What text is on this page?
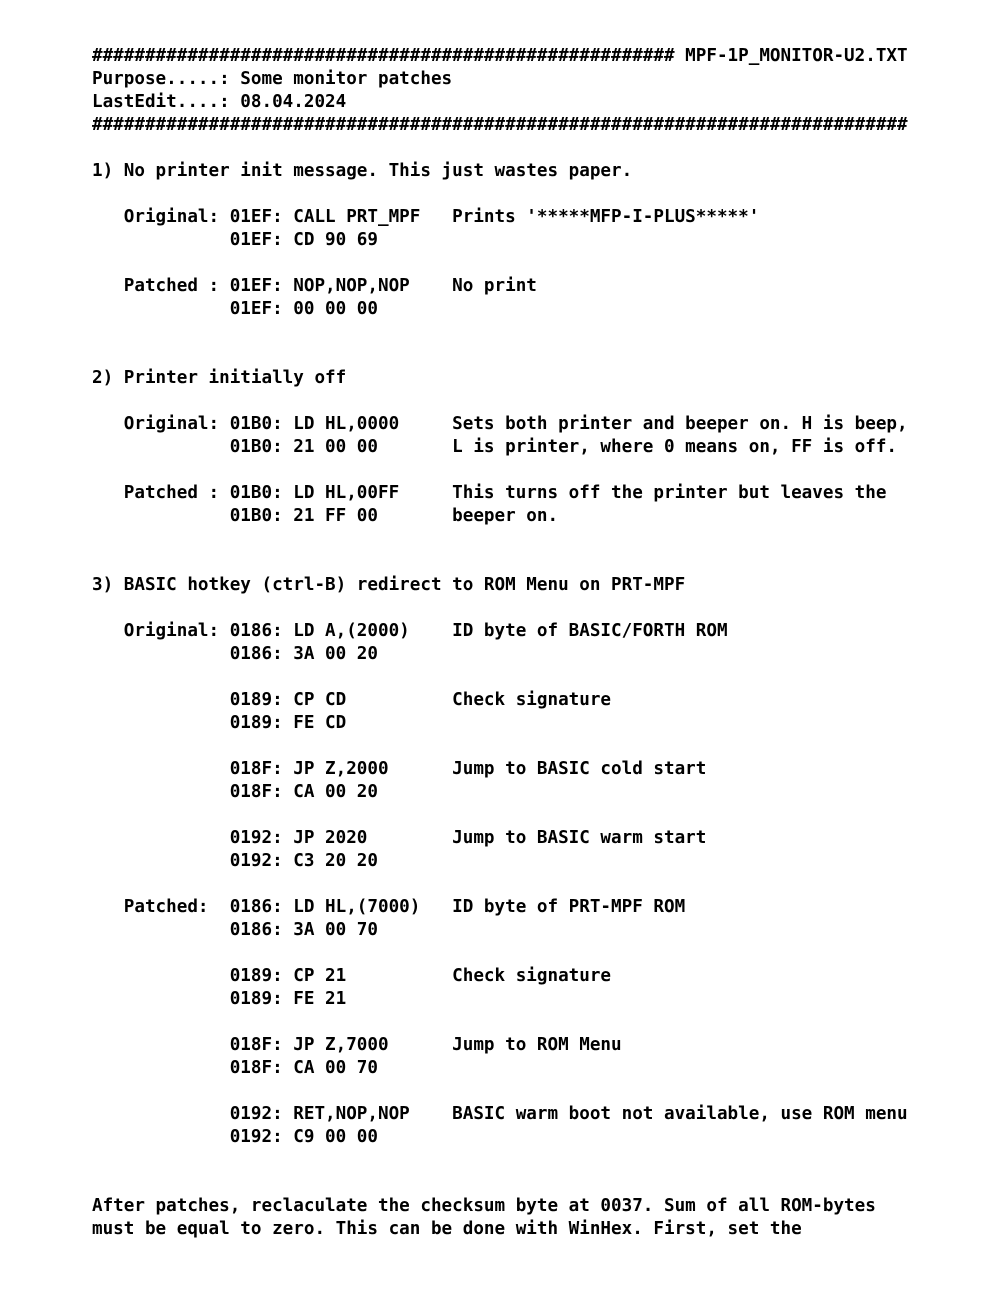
####################################################### MPF-1P_MONITOR-U2.TXT
Purpose.....: Some monitor patches
LastEdit....: 08.04.2024
#############################################################################
1) No printer init message. This just wastes paper.
Original: 01EF: CALL PRT_MPF   Prints '*****MFP-I-PLUS*****'
01EF: CD 90 69
Patched : 01EF: NOP,NOP,NOP    No print
01EF: 00 00 00
2) Printer initially off
Original: 01B0: LD HL,0000     Sets both printer and beeper on. H is beep,
01B0: 21 00 00       L is printer, where 0 means on, FF is off.
Patched : 01B0: LD HL,00FF     This turns off the printer but leaves the
01B0: 21 FF 00       beeper on.
3) BASIC hotkey (ctrl-B) redirect to ROM Menu on PRT-MPF
Original: 0186: LD A,(2000)    ID byte of BASIC/FORTH ROM
0186: 3A 00 20
0189: CP CD          Check signature
0189: FE CD
018F: JP Z,2000      Jump to BASIC cold start
018F: CA 00 20
0192: JP 2020        Jump to BASIC warm start
0192: C3 20 20
Patched:  0186: LD HL,(7000)   ID byte of PRT-MPF ROM
0186: 3A 00 70
0189: CP 21          Check signature
0189: FE 21
018F: JP Z,7000      Jump to ROM Menu
018F: CA 00 70
0192: RET,NOP,NOP    BASIC warm boot not available, use ROM menu
0192: C9 00 00
After patches, reclaculate the checksum byte at 0037. Sum of all ROM-bytes
must be equal to zero. This can be done with WinHex. First, set the
